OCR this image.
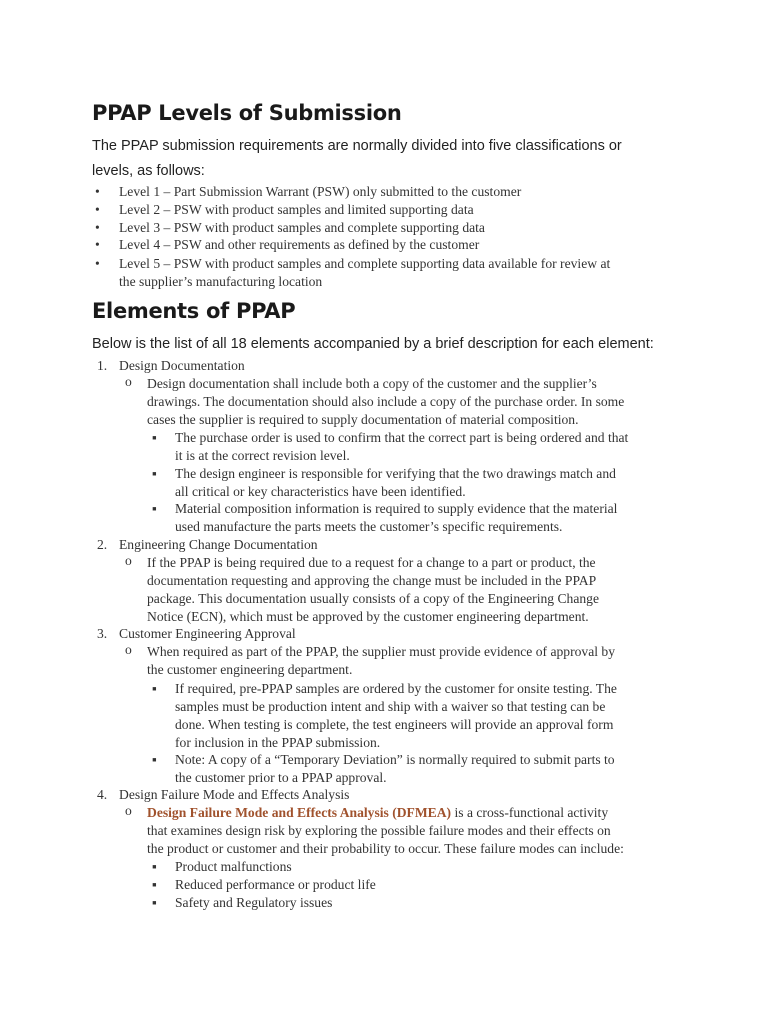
PPAP Levels of Submission
The PPAP submission requirements are normally divided into five classifications or
levels, as follows:
• Level 1 – Part Submission Warrant (PSW) only submitted to the customer
• Level 2 – PSW with product samples and limited supporting data
• Level 3 – PSW with product samples and complete supporting data
• Level 4 – PSW and other requirements as defined by the customer
• Level 5 – PSW with product samples and complete supporting data available for review at
the supplier’s manufacturing location
Elements of PPAP
Below is the list of all 18 elements accompanied by a brief description for each element:
1. Design Documentation
o Design documentation shall include both a copy of the customer and the supplier’s
drawings. The documentation should also include a copy of the purchase order. In some
cases the supplier is required to supply documentation of material composition.
▪ The purchase order is used to confirm that the correct part is being ordered and that
it is at the correct revision level.
▪ The design engineer is responsible for verifying that the two drawings match and
all critical or key characteristics have been identified.
▪ Material composition information is required to supply evidence that the material
used manufacture the parts meets the customer’s specific requirements.
2. Engineering Change Documentation
o If the PPAP is being required due to a request for a change to a part or product, the
documentation requesting and approving the change must be included in the PPAP
package. This documentation usually consists of a copy of the Engineering Change
Notice (ECN), which must be approved by the customer engineering department.
3. Customer Engineering Approval
o When required as part of the PPAP, the supplier must provide evidence of approval by
the customer engineering department.
▪ If required, pre-PPAP samples are ordered by the customer for onsite testing. The
samples must be production intent and ship with a waiver so that testing can be
done. When testing is complete, the test engineers will provide an approval form
for inclusion in the PPAP submission.
▪ Note: A copy of a “Temporary Deviation” is normally required to submit parts to
the customer prior to a PPAP approval.
4. Design Failure Mode and Effects Analysis
o Design Failure Mode and Effects Analysis (DFMEA) is a cross-functional activity
that examines design risk by exploring the possible failure modes and their effects on
the product or customer and their probability to occur. These failure modes can include:
▪ Product malfunctions
▪ Reduced performance or product life
▪ Safety and Regulatory issues
